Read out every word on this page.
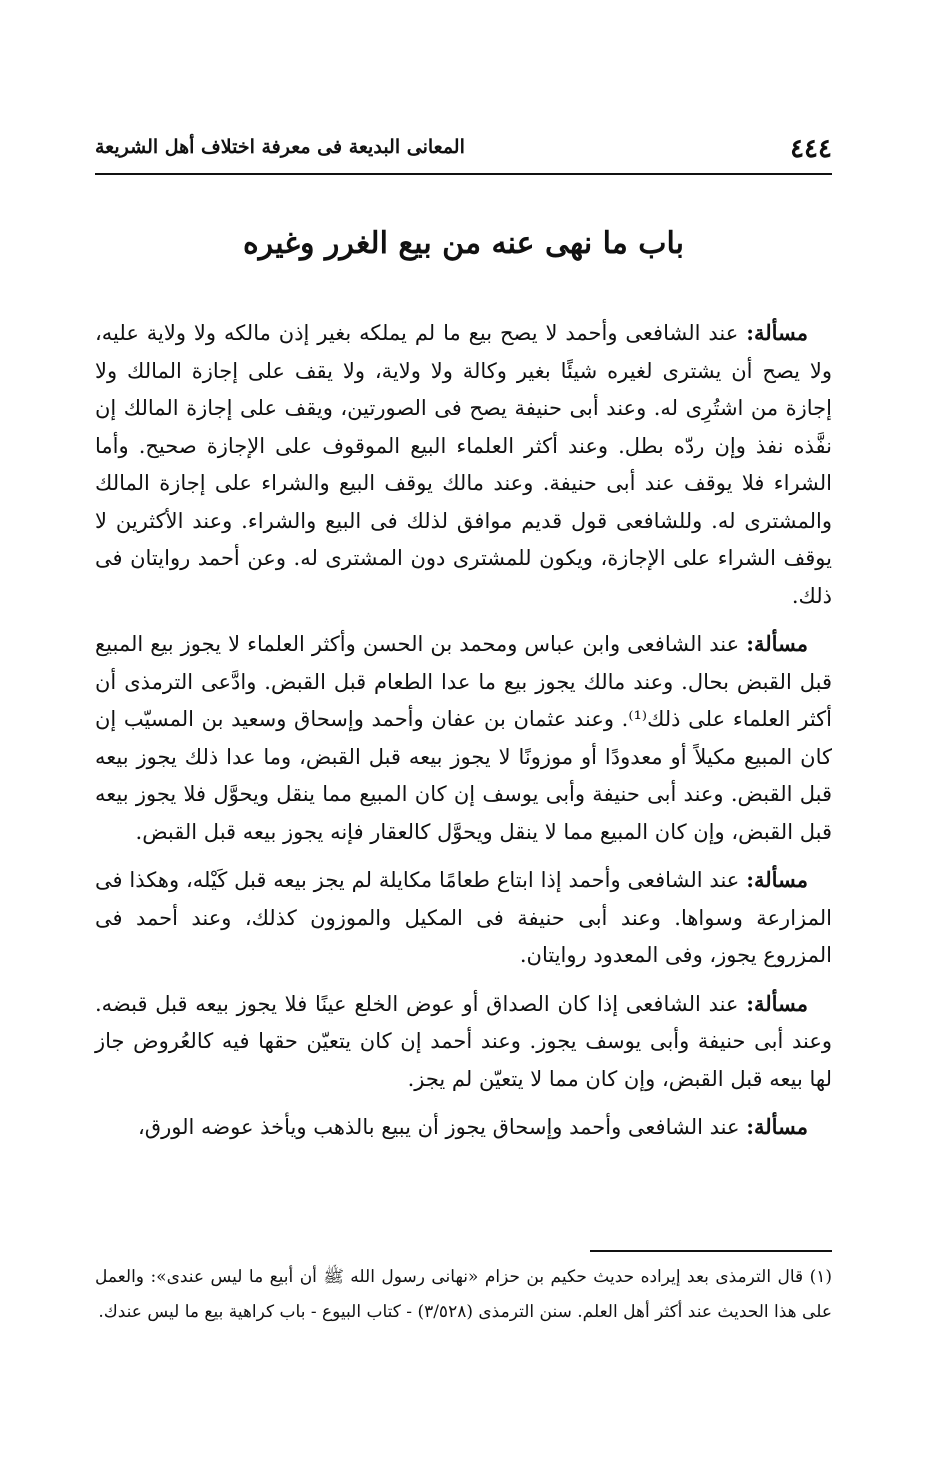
٤٤٤
المعانى البديعة فى معرفة اختلاف أهل الشريعة
باب ما نهى عنه من بيع الغرر وغيره

مسألة: عند الشافعى وأحمد لا يصح بيع ما لم يملكه بغير إذن مالكه ولا ولاية عليه، ولا يصح أن يشترى لغيره شيئًا بغير وكالة ولا ولاية، ولا يقف على إجازة المالك ولا إجازة من اشتُرِى له. وعند أبى حنيفة يصح فى الصورتين، ويقف على إجازة المالك إن نفَّذه نفذ وإن ردّه بطل. وعند أكثر العلماء البيع الموقوف على الإجازة صحيح. وأما الشراء فلا يوقف عند أبى حنيفة. وعند مالك يوقف البيع والشراء على إجازة المالك والمشترى له. وللشافعى قول قديم موافق لذلك فى البيع والشراء. وعند الأكثرين لا يوقف الشراء على الإجازة، ويكون للمشترى دون المشترى له. وعن أحمد روايتان فى ذلك.

مسألة: عند الشافعى وابن عباس ومحمد بن الحسن وأكثر العلماء لا يجوز بيع المبيع قبل القبض بحال. وعند مالك يجوز بيع ما عدا الطعام قبل القبض. وادَّعى الترمذى أن أكثر العلماء على ذلك⁽¹⁾. وعند عثمان بن عفان وأحمد وإسحاق وسعيد بن المسيّب إن كان المبيع مكيلاً أو معدودًا أو موزونًا لا يجوز بيعه قبل القبض، وما عدا ذلك يجوز بيعه قبل القبض. وعند أبى حنيفة وأبى يوسف إن كان المبيع مما ينقل ويحوَّل فلا يجوز بيعه قبل القبض، وإن كان المبيع مما لا ينقل ويحوَّل كالعقار فإنه يجوز بيعه قبل القبض.

مسألة: عند الشافعى وأحمد إذا ابتاع طعامًا مكايلة لم يجز بيعه قبل كَيْله، وهكذا فى المزارعة وسواها. وعند أبى حنيفة فى المكيل والموزون كذلك، وعند أحمد فى المزروع يجوز، وفى المعدود روايتان.

مسألة: عند الشافعى إذا كان الصداق أو عوض الخلع عينًا فلا يجوز بيعه قبل قبضه. وعند أبى حنيفة وأبى يوسف يجوز. وعند أحمد إن كان يتعيّن حقها فيه كالعُروض جاز لها بيعه قبل القبض، وإن كان مما لا يتعيّن لم يجز.

مسألة: عند الشافعى وأحمد وإسحاق يجوز أن يبيع بالذهب ويأخذ عوضه الورق،

(١) قال الترمذى بعد إيراده حديث حكيم بن حزام «نهانى رسول الله ﷺ أن أبيع ما ليس عندى»: والعمل على هذا الحديث عند أكثر أهل العلم. سنن الترمذى (٣/٥٢٨) - كتاب البيوع - باب كراهية بيع ما ليس عندك.
